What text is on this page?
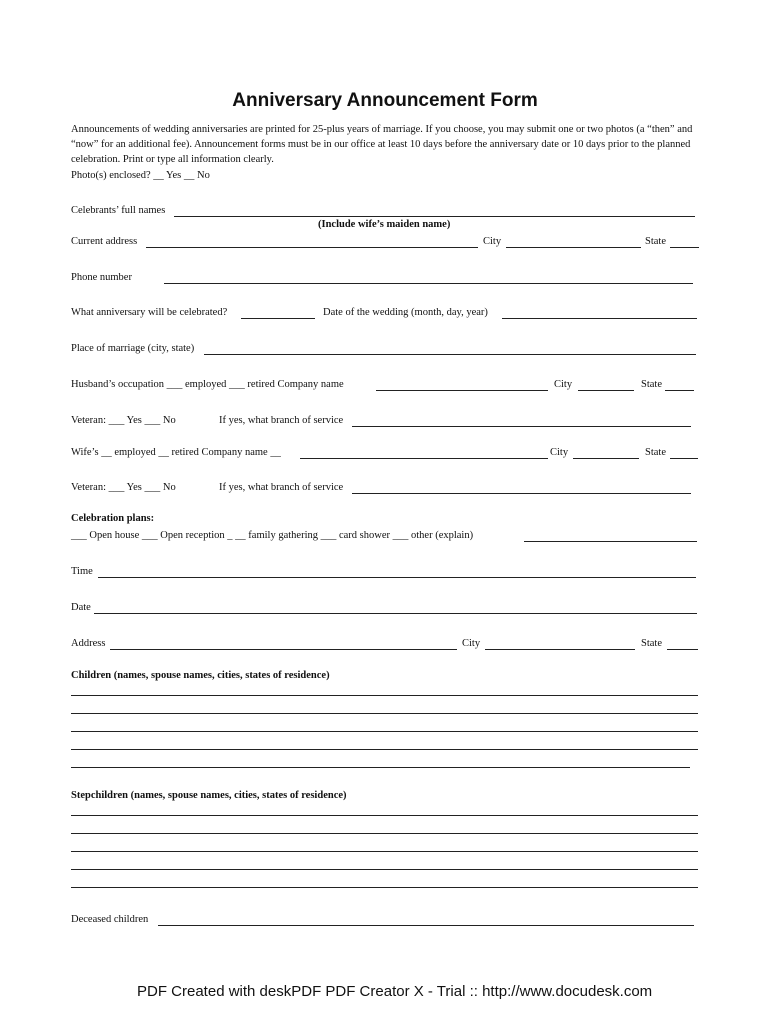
Anniversary Announcement Form
Announcements of wedding anniversaries are printed for 25-plus years of marriage. If you choose, you may submit one or two photos (a “then” and “now” for an additional fee). Announcement forms must be in our office at least 10 days before the anniversary date or 10 days prior to the planned celebration. Print or type all information clearly.
Photo(s) enclosed? __ Yes __ No
Celebrants’ full names
(Include wife’s maiden name)
Current address	City	State
Phone number
What anniversary will be celebrated?	Date of the wedding (month, day, year)
Place of marriage (city, state)
Husband’s occupation ___ employed ___ retired Company name	City	State
Veteran: ___ Yes ___ No	If yes, what branch of service
Wife’s __ employed __ retired Company name __	City	State
Veteran: ___ Yes ___ No	If yes, what branch of service
Celebration plans:
___ Open house ___ Open reception _ __ family gathering ___ card shower ___ other (explain)
Time
Date
Address	City	State
Children (names, spouse names, cities, states of residence)
Stepchildren (names, spouse names, cities, states of residence)
Deceased children
PDF Created with deskPDF PDF Creator X - Trial :: http://www.docudesk.com
